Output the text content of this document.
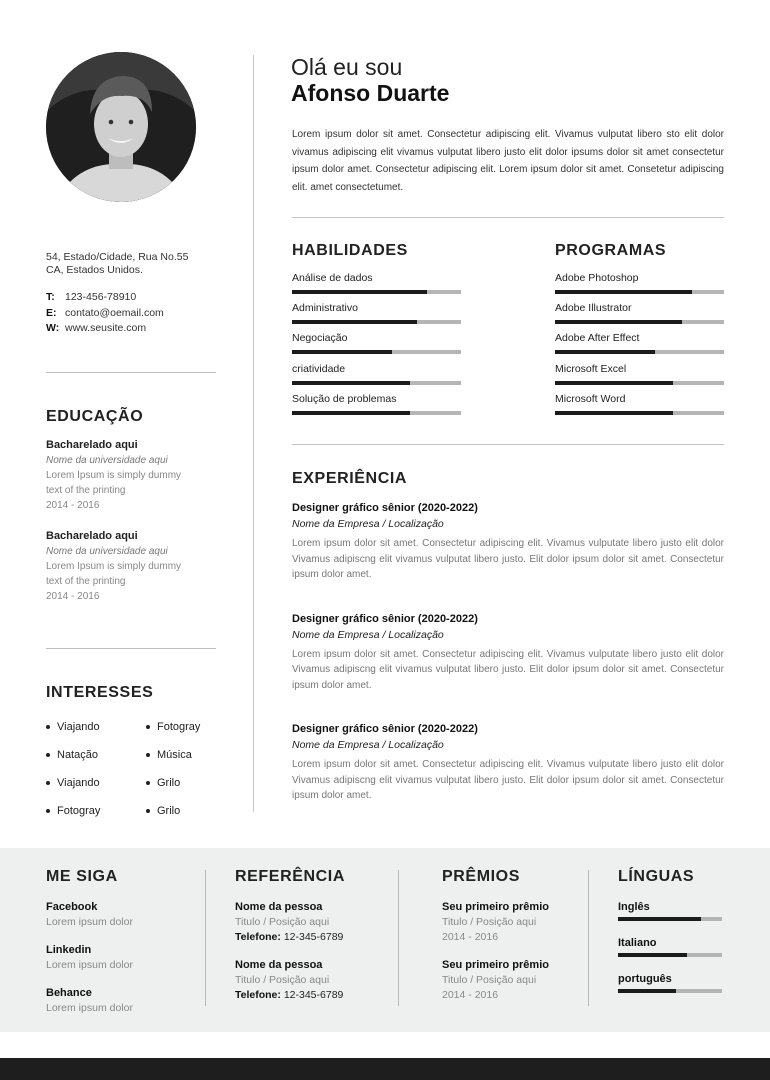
54, Estado/Cidade, Rua No.55
CA, Estados Unidos.
T: 123-456-78910
E: contato@oemail.com
W: www.seusite.com
EDUCAÇÃO
Bacharelado aqui
Nome da universidade aqui
Lorem Ipsum is simply dummy
text of the printing
2014 - 2016
Bacharelado aqui
Nome da universidade aqui
Lorem Ipsum is simply dummy
text of the printing
2014 - 2016
INTERESSES
Viajando	Fotogray
Natação	Música
Viajando	Grilo
Fotogray	Grilo
Olá eu sou
Afonso Duarte
Lorem ipsum dolor sit amet. Consectetur adipiscing elit. Vivamus vulputat libero sto elit dolor vivamus adipiscing elit vivamus vulputat libero justo elit dolor ipsums dolor sit amet consectetur ipsum dolor amet. Consectetur adipiscing elit. Lorem ipsum dolor sit amet. Consetetur adipiscing elit. amet consectetumet.
HABILIDADES
Análise de dados
Administrativo
Negociação
criatividade
Solução de problemas
PROGRAMAS
Adobe Photoshop
Adobe Illustrator
Adobe After Effect
Microsoft Excel
Microsoft Word
EXPERIÊNCIA
Designer gráfico sênior (2020-2022)
Nome da Empresa / Localização
Lorem ipsum dolor sit amet. Consectetur adipiscing elit. Vivamus vulputate libero justo elit dolor Vivamus adipiscng elit vivamus vulputat libero justo. Elit dolor ipsum dolor sit amet. Consectetur ipsum dolor amet.
Designer gráfico sênior (2020-2022)
Nome da Empresa / Localização
Lorem ipsum dolor sit amet. Consectetur adipiscing elit. Vivamus vulputate libero justo elit dolor Vivamus adipiscng elit vivamus vulputat libero justo. Elit dolor ipsum dolor sit amet. Consectetur ipsum dolor amet.
Designer gráfico sênior (2020-2022)
Nome da Empresa / Localização
Lorem ipsum dolor sit amet. Consectetur adipiscing elit. Vivamus vulputate libero justo elit dolor Vivamus adipiscng elit vivamus vulputat libero justo. Elit dolor ipsum dolor sit amet. Consectetur ipsum dolor amet.
ME SIGA
Facebook
Lorem ipsum dolor
Linkedin
Lorem ipsum dolor
Behance
Lorem ipsum dolor
REFERÊNCIA
Nome da pessoa
Titulo / Posição aqui
Telefone: 12-345-6789
Nome da pessoa
Titulo / Posição aqui
Telefone: 12-345-6789
PRÊMIOS
Seu primeiro prêmio
Titulo / Posição aqui
2014 - 2016
Seu primeiro prêmio
Titulo / Posição aqui
2014 - 2016
LÍNGUAS
Inglês
Italiano
português
